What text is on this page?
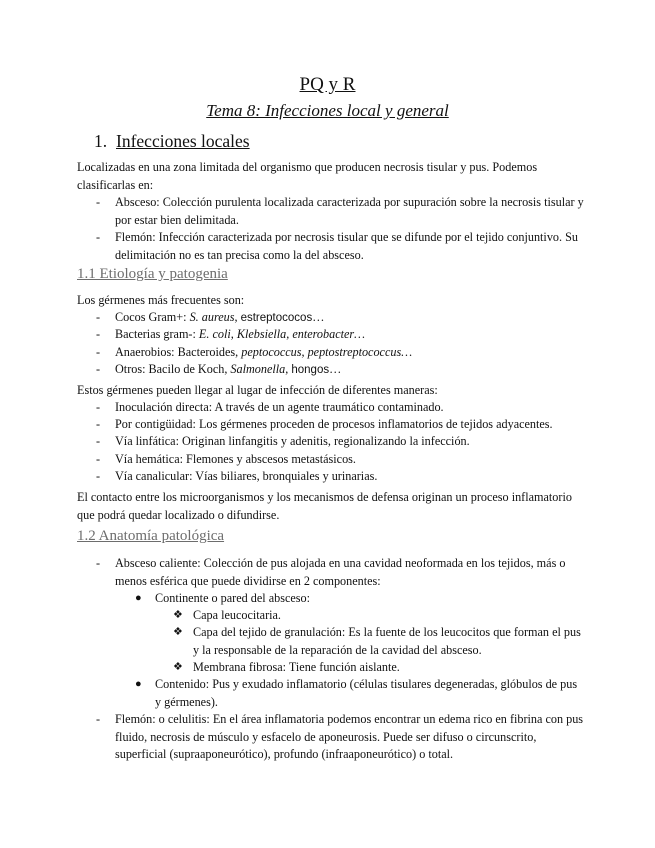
PQ y R
Tema 8: Infecciones local y general
1. Infecciones locales
Localizadas en una zona limitada del organismo que producen necrosis tisular y pus. Podemos clasificarlas en:
- Absceso: Colección purulenta localizada caracterizada por supuración sobre la necrosis tisular y por estar bien delimitada.
- Flemón: Infección caracterizada por necrosis tisular que se difunde por el tejido conjuntivo. Su delimitación no es tan precisa como la del absceso.
1.1 Etiología y patogenia
Los gérmenes más frecuentes son:
- Cocos Gram+: S. aureus, estreptococos…
- Bacterias gram-: E. coli, Klebsiella, enterobacter…
- Anaerobios: Bacteroides, peptococcus, peptostreptococcus…
- Otros: Bacilo de Koch, Salmonella, hongos…
Estos gérmenes pueden llegar al lugar de infección de diferentes maneras:
- Inoculación directa: A través de un agente traumático contaminado.
- Por contigüidad: Los gérmenes proceden de procesos inflamatorios de tejidos adyacentes.
- Vía linfática: Originan linfangitis y adenitis, regionalizando la infección.
- Vía hemática: Flemones y abscesos metastásicos.
- Vía canalicular: Vías biliares, bronquiales y urinarias.
El contacto entre los microorganismos y los mecanismos de defensa originan un proceso inflamatorio que podrá quedar localizado o difundirse.
1.2 Anatomía patológica
- Absceso caliente: Colección de pus alojada en una cavidad neoformada en los tejidos, más o menos esférica que puede dividirse en 2 componentes:
● Continente o pared del absceso:
❖ Capa leucocitaria.
❖ Capa del tejido de granulación: Es la fuente de los leucocitos que forman el pus y la responsable de la reparación de la cavidad del absceso.
❖ Membrana fibrosa: Tiene función aislante.
● Contenido: Pus y exudado inflamatorio (células tisulares degeneradas, glóbulos de pus y gérmenes).
- Flemón: o celulitis: En el área inflamatoria podemos encontrar un edema rico en fibrina con pus fluido, necrosis de músculo y esfacelo de aponeurosis. Puede ser difuso o circunscrito, superficial (supraaponeurótico), profundo (infraaponeurótico) o total.
